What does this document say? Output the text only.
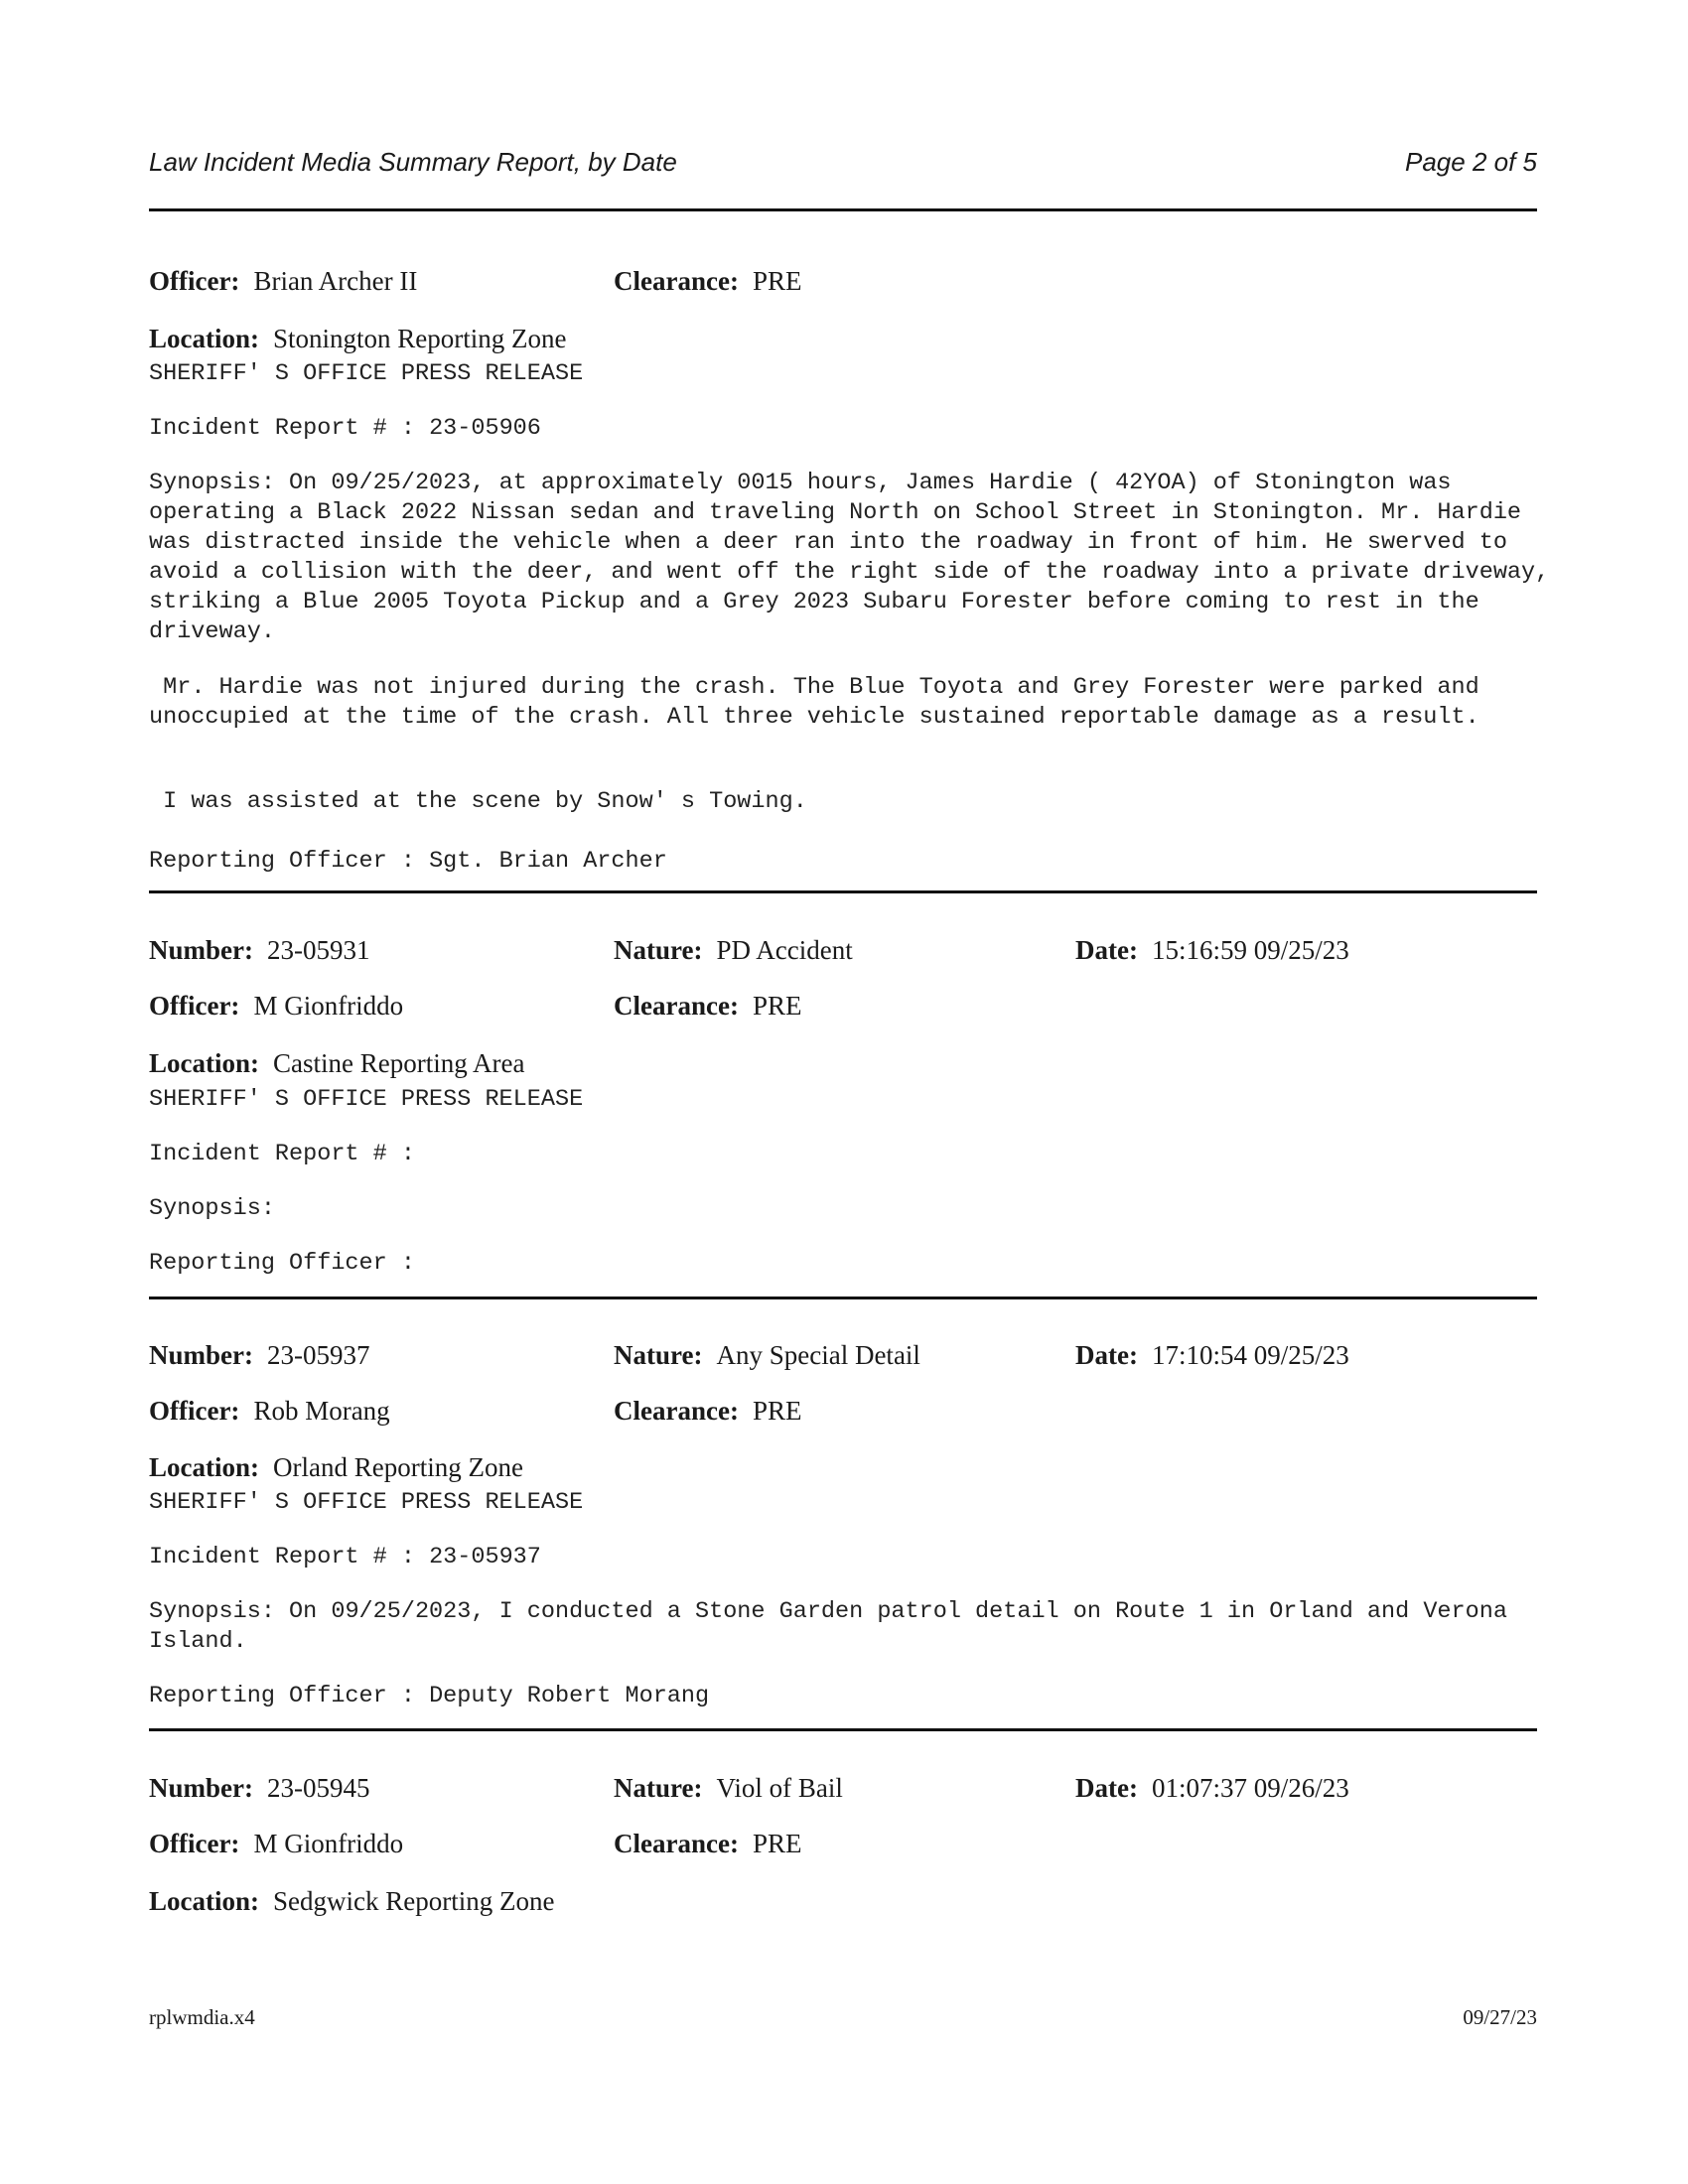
Law Incident Media Summary Report, by Date	Page 2 of 5
Officer: Brian Archer II	Clearance: PRE
Location: Stonington Reporting Zone
SHERIFF' S OFFICE PRESS RELEASE
Incident Report # : 23-05906
Synopsis: On 09/25/2023, at approximately 0015 hours, James Hardie ( 42YOA) of Stonington was operating a Black 2022 Nissan sedan and traveling North on School Street in Stonington. Mr. Hardie was distracted inside the vehicle when a deer ran into the roadway in front of him. He swerved to avoid a collision with the deer, and went off the right side of the roadway into a private driveway, striking a Blue 2005 Toyota Pickup and a Grey 2023 Subaru Forester before coming to rest in the driveway.
Mr. Hardie was not injured during the crash. The Blue Toyota and Grey Forester were parked and unoccupied at the time of the crash. All three vehicle sustained reportable damage as a result.
I was assisted at the scene by Snow' s Towing.
Reporting Officer : Sgt. Brian Archer
Number: 23-05931	Nature: PD Accident	Date: 15:16:59 09/25/23
Officer: M Gionfriddo	Clearance: PRE
Location: Castine Reporting Area
SHERIFF' S OFFICE PRESS RELEASE
Incident Report # :
Synopsis:
Reporting Officer :
Number: 23-05937	Nature: Any Special Detail	Date: 17:10:54 09/25/23
Officer: Rob Morang	Clearance: PRE
Location: Orland Reporting Zone
SHERIFF' S OFFICE PRESS RELEASE
Incident Report # : 23-05937
Synopsis: On 09/25/2023, I conducted a Stone Garden patrol detail on Route 1 in Orland and Verona Island.
Reporting Officer : Deputy Robert Morang
Number: 23-05945	Nature: Viol of Bail	Date: 01:07:37 09/26/23
Officer: M Gionfriddo	Clearance: PRE
Location: Sedgwick Reporting Zone
rplwmdia.x4	09/27/23
